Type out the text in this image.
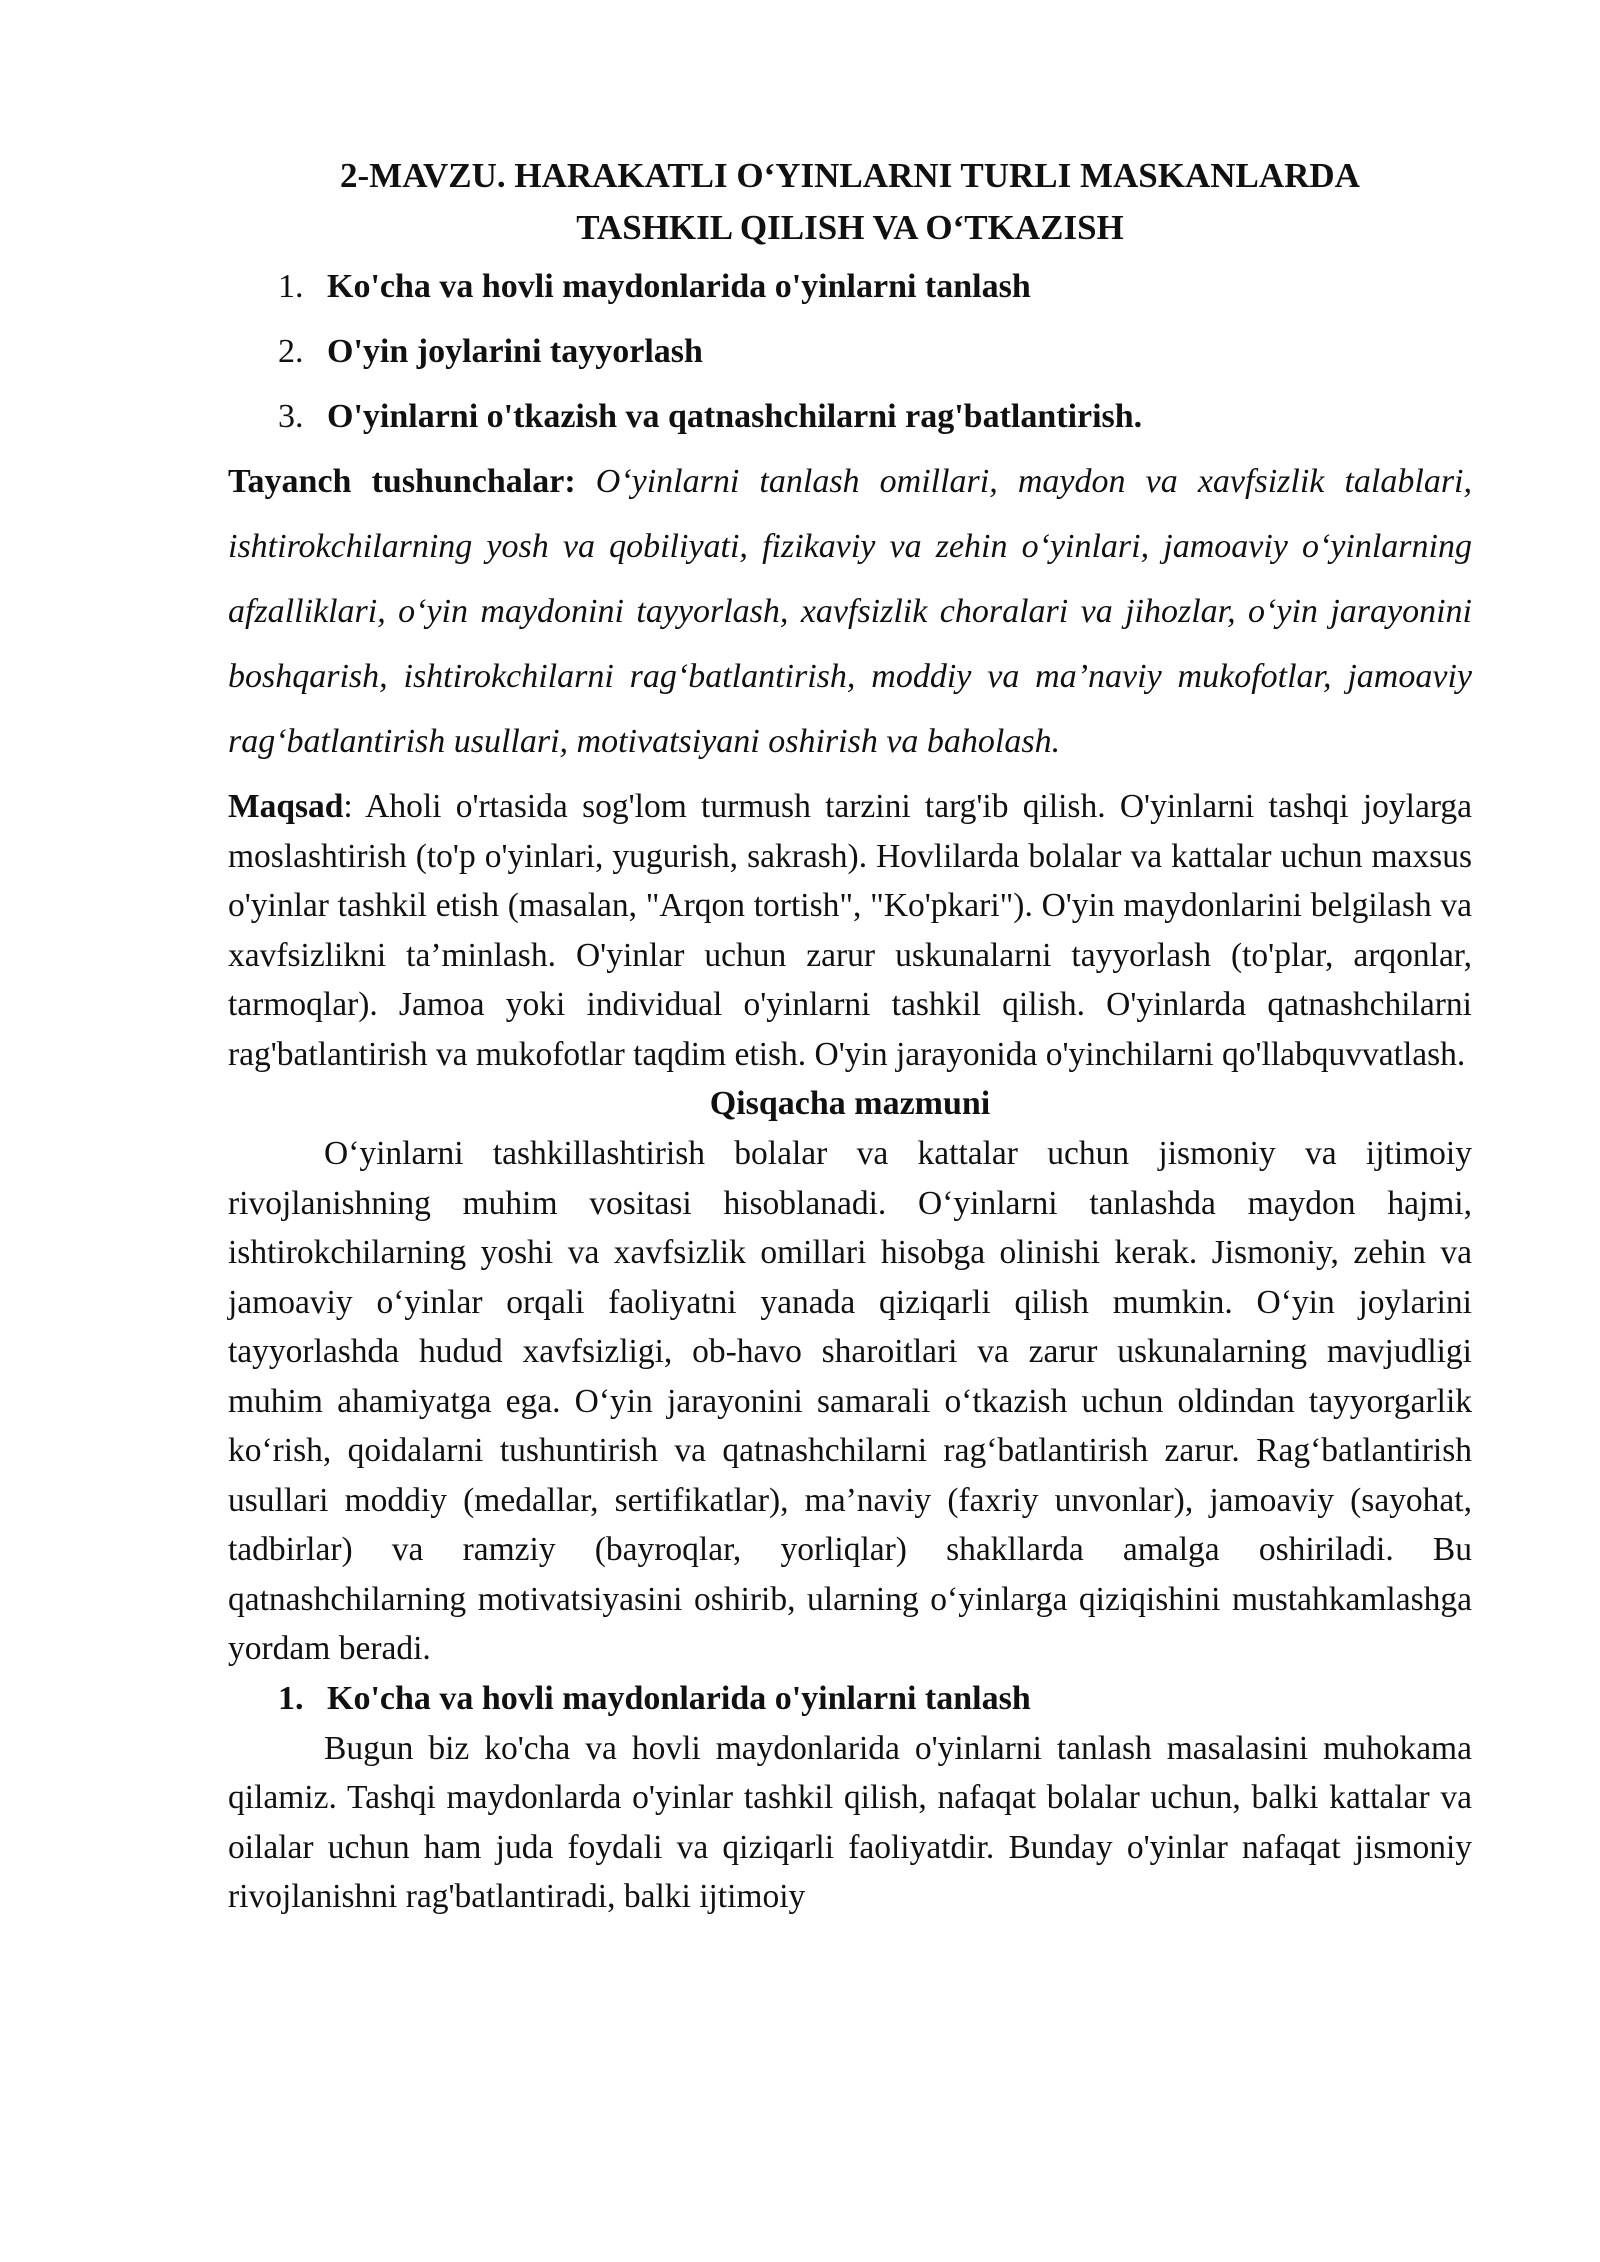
2-MAVZU. HARAKATLI O‘YINLARNI TURLI MASKANLARDA
TASHKIL QILISH VA O‘TKAZISH
1. Ko'cha va hovli maydonlarida o'yinlarni tanlash
2. O'yin joylarini tayyorlash
3. O'yinlarni o'tkazish va qatnashchilarni rag'batlantirish.

Tayanch tushunchalar: O‘yinlarni tanlash omillari, maydon va xavfsizlik talablari, ishtirokchilarning yosh va qobiliyati, fizikaviy va zehin o‘yinlari, jamoaviy o‘yinlarning afzalliklari, o‘yin maydonini tayyorlash, xavfsizlik choralari va jihozlar, o‘yin jarayonini boshqarish, ishtirokchilarni rag‘batlantirish, moddiy va ma’naviy mukofotlar, jamoaviy rag‘batlantirish usullari, motivatsiyani oshirish va baholash.

Maqsad: Aholi o'rtasida sog'lom turmush tarzini targ'ib qilish. O'yinlarni tashqi joylarga moslashtirish (to'p o'yinlari, yugurish, sakrash). Hovlilarda bolalar va kattalar uchun maxsus o'yinlar tashkil etish (masalan, "Arqon tortish", "Ko'pkari"). O'yin maydonlarini belgilash va xavfsizlikni ta’minlash. O'yinlar uchun zarur uskunalarni tayyorlash (to'plar, arqonlar, tarmoqlar). Jamoa yoki individual o'yinlarni tashkil qilish. O'yinlarda qatnashchilarni rag'batlantirish va mukofotlar taqdim etish. O'yin jarayonida o'yinchilarni qo'llabquvvatlash.

Qisqacha mazmuni

O‘yinlarni tashkillashtirish bolalar va kattalar uchun jismoniy va ijtimoiy rivojlanishning muhim vositasi hisoblanadi. O‘yinlarni tanlashda maydon hajmi, ishtirokchilarning yoshi va xavfsizlik omillari hisobga olinishi kerak. Jismoniy, zehin va jamoaviy o‘yinlar orqali faoliyatni yanada qiziqarli qilish mumkin. O‘yin joylarini tayyorlashda hudud xavfsizligi, ob-havo sharoitlari va zarur uskunalarning mavjudligi muhim ahamiyatga ega. O‘yin jarayonini samarali o‘tkazish uchun oldindan tayyorgarlik ko‘rish, qoidalarni tushuntirish va qatnashchilarni rag‘batlantirish zarur. Rag‘batlantirish usullari moddiy (medallar, sertifikatlar), ma’naviy (faxriy unvonlar), jamoaviy (sayohat, tadbirlar) va ramziy (bayroqlar, yorliqlar) shakllarda amalga oshiriladi. Bu qatnashchilarning motivatsiyasini oshirib, ularning o‘yinlarga qiziqishini mustahkamlashga yordam beradi.

1. Ko'cha va hovli maydonlarida o'yinlarni tanlash

Bugun biz ko'cha va hovli maydonlarida o'yinlarni tanlash masalasini muhokama qilamiz. Tashqi maydonlarda o'yinlar tashkil qilish, nafaqat bolalar uchun, balki kattalar va oilalar uchun ham juda foydali va qiziqarli faoliyatdir. Bunday o'yinlar nafaqat jismoniy rivojlanishni rag'batlantiradi, balki ijtimoiy
